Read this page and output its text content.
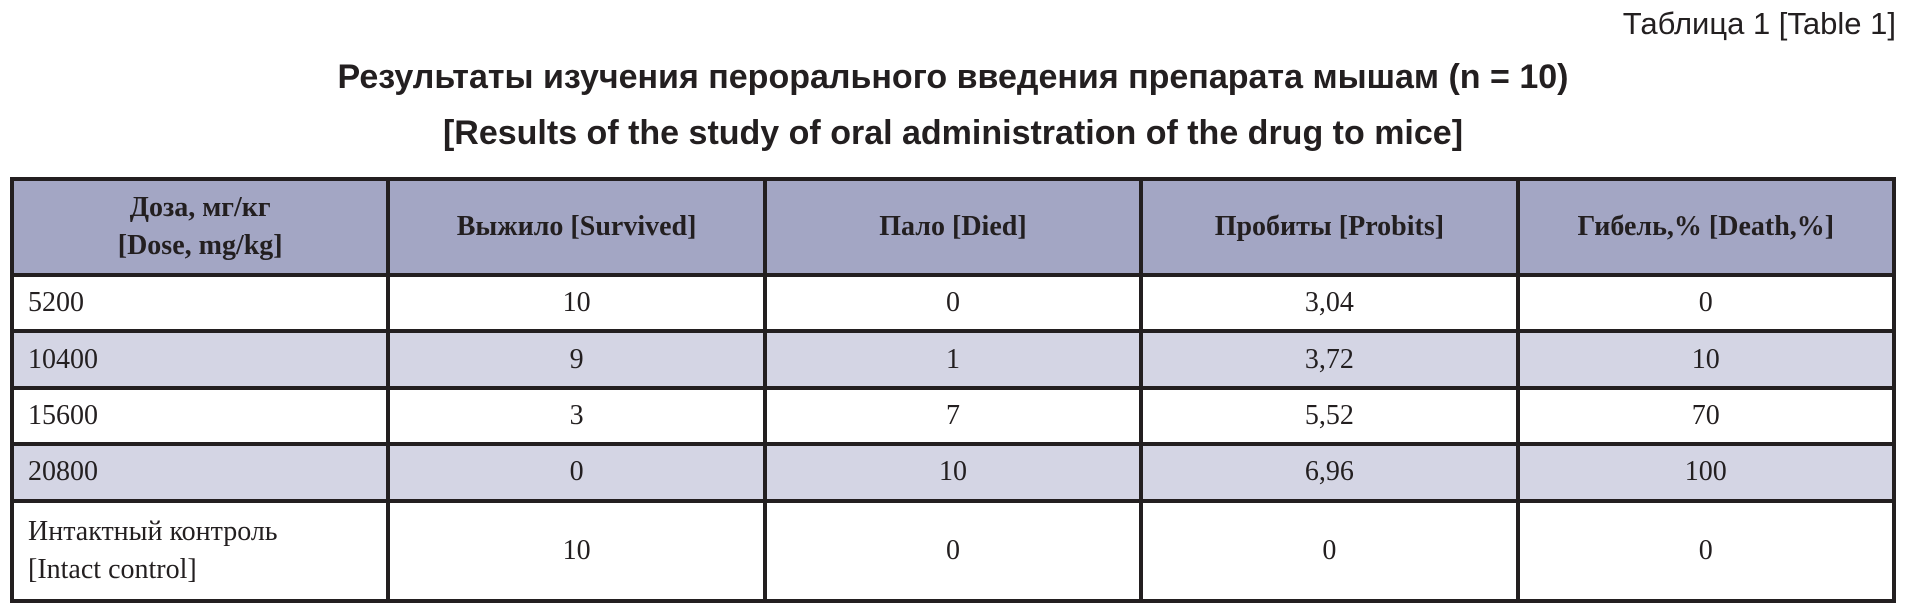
Таблица 1 [Table 1]
Результаты изучения перорального введения препарата мышам (n = 10)
[Results of the study of oral administration of the drug to mice]
Доза, мг/кг
[Dose, mg/kg]	Выжило [Survived]	Пало [Died]	Пробиты [Probits]	Гибель,% [Death,%]
5200	10	0	3,04	0
10400	9	1	3,72	10
15600	3	7	5,52	70
20800	0	10	6,96	100
Интактный контроль
[Intact control]	10	0	0	0
